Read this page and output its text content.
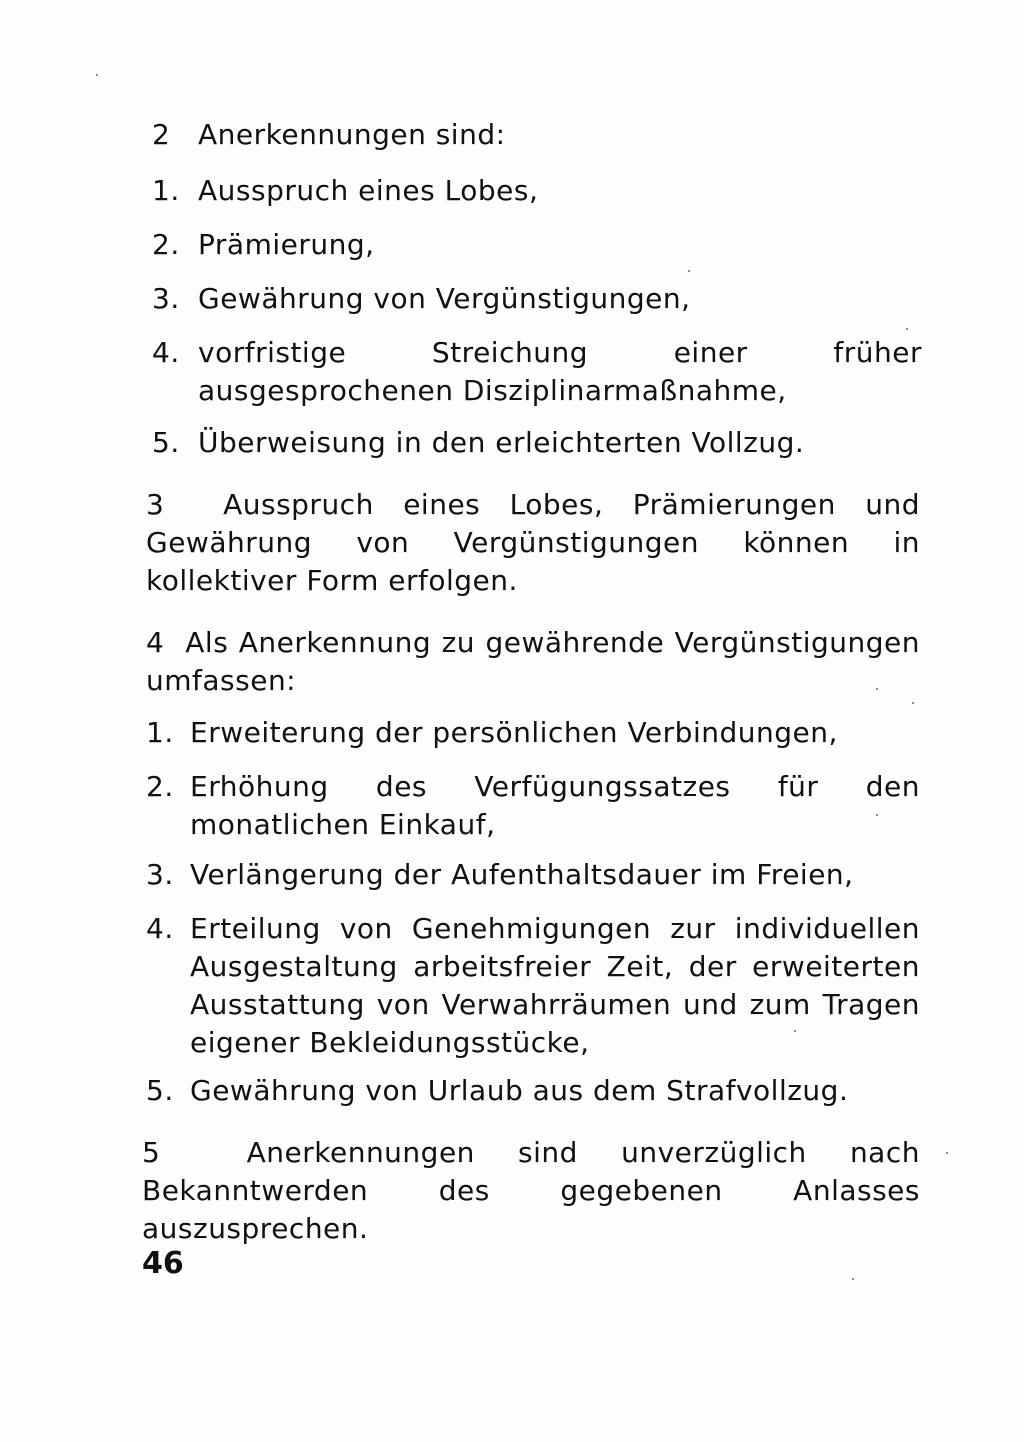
2 Anerkennungen sind:
1. Ausspruch eines Lobes,
2. Prämierung,
3. Gewährung von Vergünstigungen,
4. vorfristige Streichung einer früher ausgesprochenen Disziplinarmaßnahme,
5. Überweisung in den erleichterten Vollzug.
3 Ausspruch eines Lobes, Prämierungen und Gewährung von Vergünstigungen können in kollektiver Form erfolgen.
4 Als Anerkennung zu gewährende Vergünstigungen umfassen:
1. Erweiterung der persönlichen Verbindungen,
2. Erhöhung des Verfügungssatzes für den monatlichen Einkauf,
3. Verlängerung der Aufenthaltsdauer im Freien,
4. Erteilung von Genehmigungen zur individuellen Ausgestaltung arbeitsfreier Zeit, der erweiterten Ausstattung von Verwahrräumen und zum Tragen eigener Bekleidungsstücke,
5. Gewährung von Urlaub aus dem Strafvollzug.
5	Anerkennungen sind unverzüglich nach Bekanntwerden des gegebenen Anlasses auszusprechen.
46
